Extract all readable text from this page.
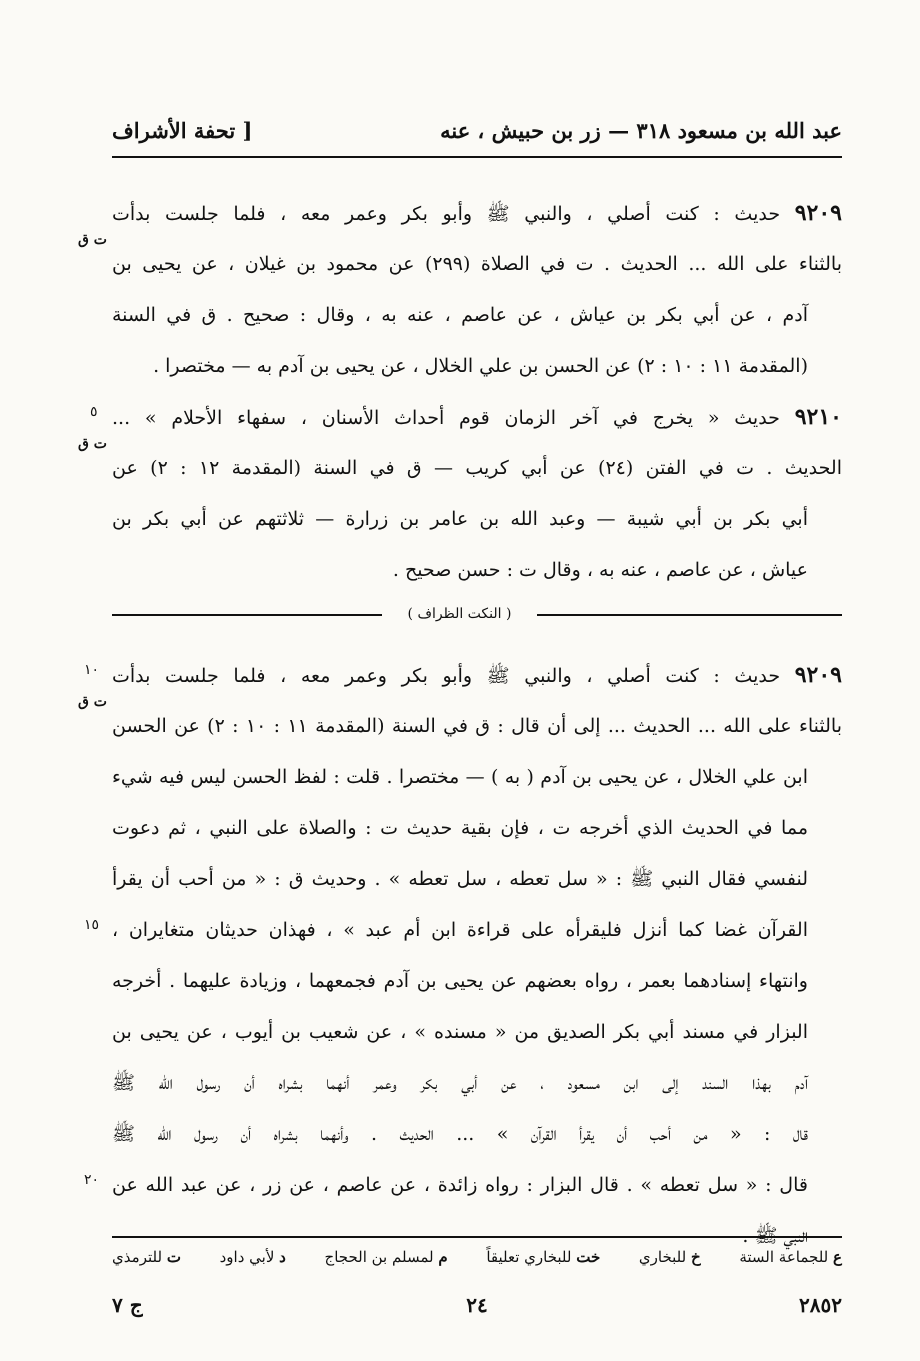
عبد الله بن مسعود ٣١٨ — زر بن حبيش ، عنه
[ تحفة الأشراف
ت ق
٩٢٠٩ حديث : كنت أصلي ، والنبي ﷺ وأبو بكر وعمر معه ، فلما جلست بدأت
بالثناء على الله ... الحديث . ت في الصلاة (٢٩٩) عن محمود بن غيلان ، عن يحيى بن
آدم ، عن أبي بكر بن عياش ، عن عاصم ، عنه به ، وقال : صحيح . ق في السنة
(المقدمة ١١ : ١٠ : ٢) عن الحسن بن علي الخلال ، عن يحيى بن آدم به — مختصرا .
٥
ت ق
٩٢١٠ حديث « يخرج في آخر الزمان قوم أحداث الأسنان ، سفهاء الأحلام » ...
الحديث . ت في الفتن (٢٤) عن أبي كريب — ق في السنة (المقدمة ١٢ : ٢) عن
أبي بكر بن أبي شيبة — وعبد الله بن عامر بن زرارة — ثلاثتهم عن أبي بكر بن
عياش ، عن عاصم ، عنه به ، وقال ت : حسن صحيح .
( النكت الظراف )
ت ق
١٠
١٥
٢٠
٩٢٠٩ حديث : كنت أصلي ، والنبي ﷺ وأبو بكر وعمر معه ، فلما جلست بدأت
بالثناء على الله ... الحديث ... إلى أن قال : ق في السنة (المقدمة ١١ : ١٠ : ٢) عن الحسن
ابن علي الخلال ، عن يحيى بن آدم ( به ) — مختصرا . قلت : لفظ الحسن ليس فيه شيء
مما في الحديث الذي أخرجه ت ، فإن بقية حديث ت : والصلاة على النبي ، ثم دعوت
لنفسي فقال النبي ﷺ : « سل تعطه ، سل تعطه » . وحديث ق : « من أحب أن يقرأ
القرآن غضا كما أنزل فليقرأه على قراءة ابن أم عبد » ، فهذان حديثان متغايران ،
وانتهاء إسنادهما بعمر ، رواه بعضهم عن يحيى بن آدم فجمعهما ، وزيادة عليهما . أخرجه
البزار في مسند أبي بكر الصديق من « مسنده » ، عن شعيب بن أيوب ، عن يحيى بن
آدم بهذا السند إلى ابن مسعود ، عن أبي بكر وعمر أنهما بشراه أن رسول الله ﷺ
قال : « من أحب أن يقرأ القرآن » ... الحديث . وأنهما بشراه أن رسول الله ﷺ
قال : « سل تعطه » . قال البزار : رواه زائدة ، عن عاصم ، عن زر ، عن عبد الله عن
النبي ﷺ .
ع للجماعة الستة
خ للبخاري
خت للبخاري تعليقاً
م لمسلم بن الحجاج
د لأبي داود
ت للترمذي
٢٨٥٢
٢٤
ج ٧
